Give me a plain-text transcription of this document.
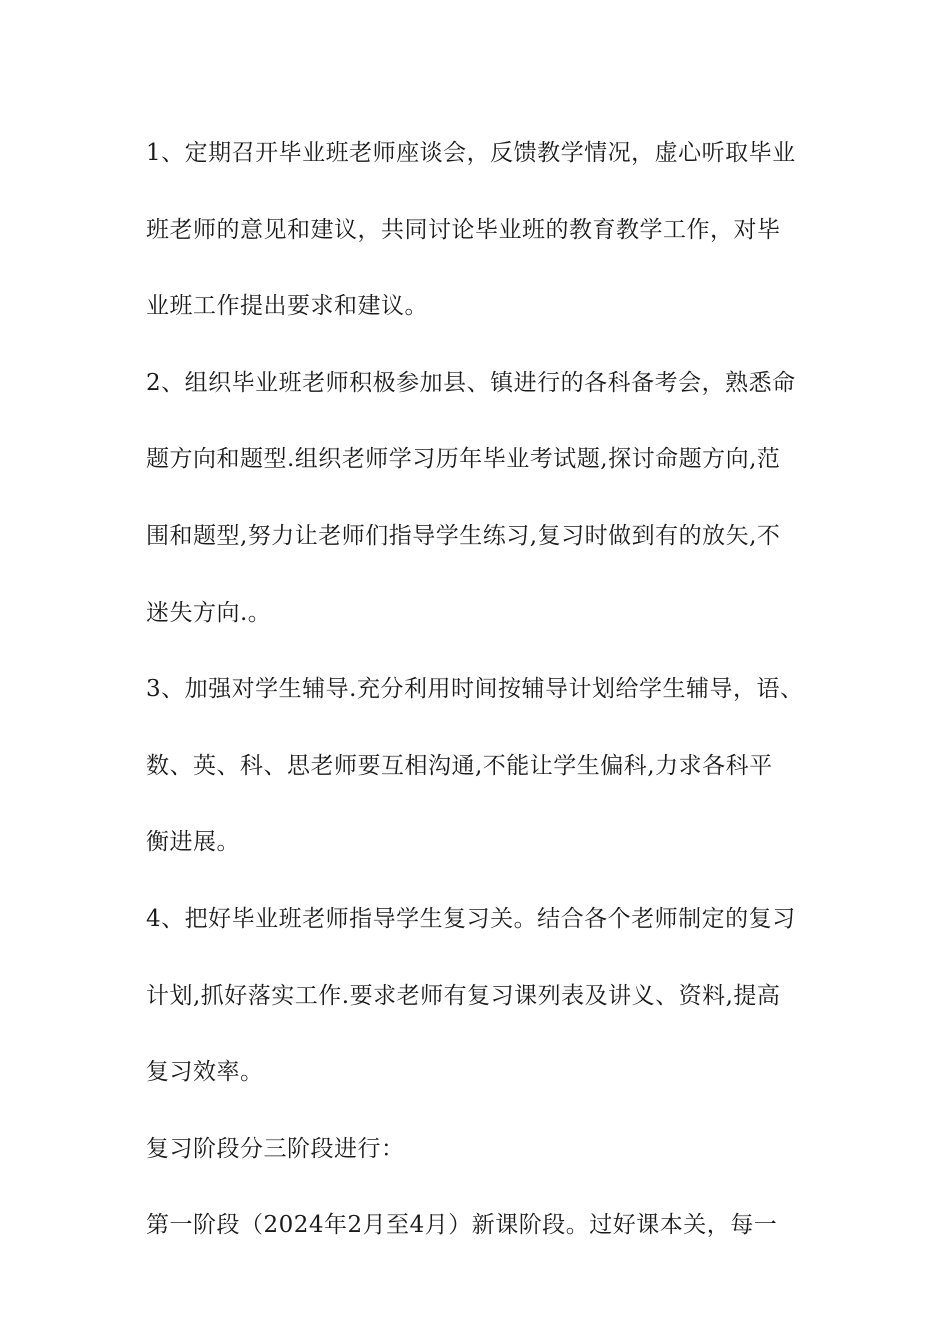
1、定期召开毕业班老师座谈会，反馈教学情况，虚心听取毕业
班老师的意见和建议，共同讨论毕业班的教育教学工作，对毕
业班工作提出要求和建议。
2、组织毕业班老师积极参加县、镇进行的各科备考会，熟悉命
题方向和题型.组织老师学习历年毕业考试题,探讨命题方向,范
围和题型,努力让老师们指导学生练习,复习时做到有的放矢,不
迷失方向.。
3、加强对学生辅导.充分利用时间按辅导计划给学生辅导，语、
数、英、科、思老师要互相沟通,不能让学生偏科,力求各科平
衡进展。
4、把好毕业班老师指导学生复习关。结合各个老师制定的复习
计划,抓好落实工作.要求老师有复习课列表及讲义、资料,提高
复习效率。
复习阶段分三阶段进行：
第一阶段（2024年2月至4月）新课阶段。过好课本关，每一
